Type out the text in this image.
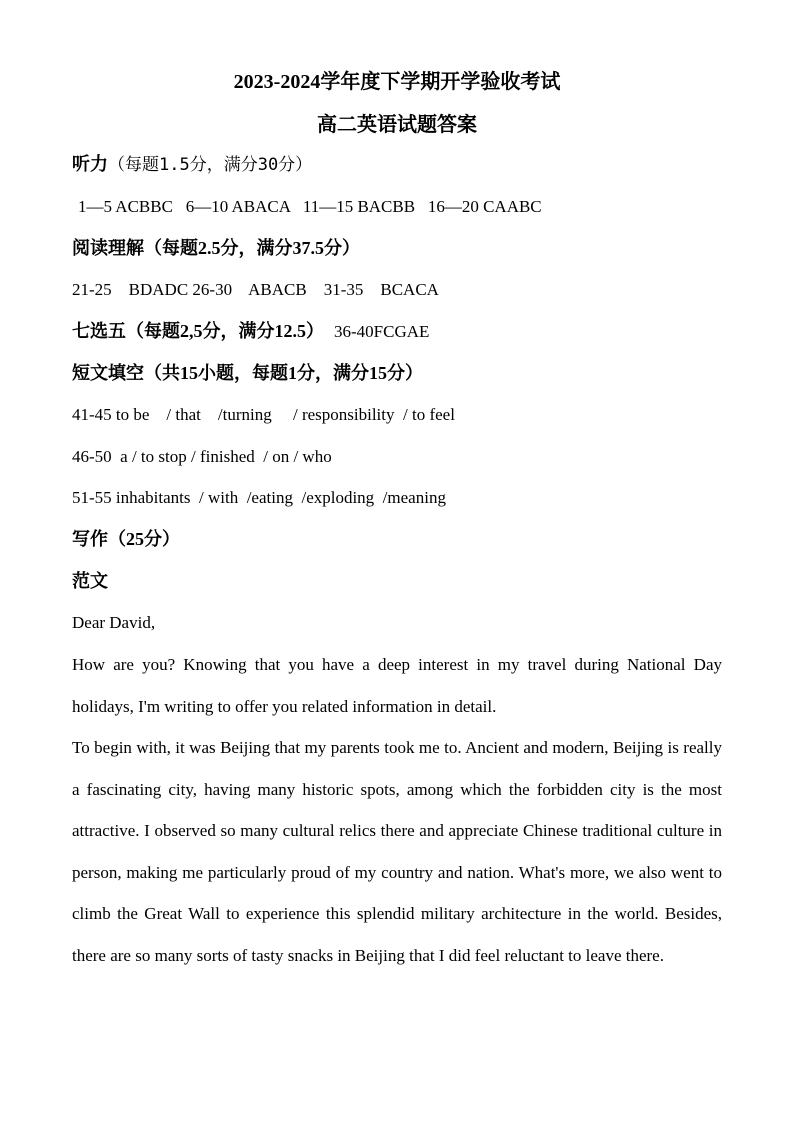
2023-2024学年度下学期开学验收考试
高二英语试题答案
听力（每题1.5分，满分30分）
1—5 ACBBC   6—10 ABACA   11—15 BACBB   16—20 CAABC
阅读理解（每题2.5分，满分37.5分）
21-25    BDADC 26-30    ABACB    31-35    BCACA
七选五（每题2,5分，满分12.5） 36-40FCGAE
短文填空（共15小题，每题1分，满分15分）
41-45 to be    / that    /turning     / responsibility  / to feel
46-50  a / to stop / finished  / on / who
51-55 inhabitants  / with  /eating  /exploding  /meaning
写作（25分）
范文
Dear David,
How are you? Knowing that you have a deep interest in my travel during National Day holidays, I'm writing to offer you related information in detail.
To begin with, it was Beijing that my parents took me to. Ancient and modern, Beijing is really a fascinating city, having many historic spots, among which the forbidden city is the most attractive. I observed so many cultural relics there and appreciate Chinese traditional culture in person, making me particularly proud of my country and nation. What's more, we also went to climb the Great Wall to experience this splendid military architecture in the world. Besides, there are so many sorts of tasty snacks in Beijing that I did feel reluctant to leave there.
